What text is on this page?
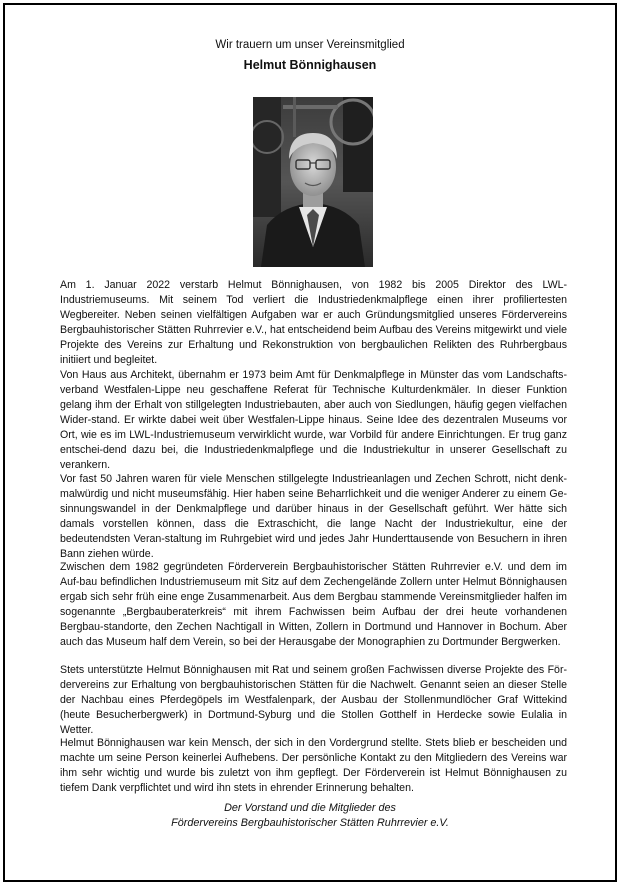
Wir trauern um unser Vereinsmitglied
Helmut Bönnighausen

Am 1. Januar 2022 verstarb Helmut Bönnighausen, von 1982 bis 2005 Direktor des LWL-Industriemuseums. Mit seinem Tod verliert die Industriedenkmalpflege einen ihrer profiliertesten Wegbereiter. Neben seinen vielfältigen Aufgaben war er auch Gründungsmitglied unseres Fördervereins Bergbauhistorischer Stätten Ruhrrevier e.V., hat entscheidend beim Aufbau des Vereins mitgewirkt und viele Projekte des Vereins zur Erhaltung und Rekonstruktion von bergbaulichen Relikten des Ruhrbergbaus initiiert und begleitet.

Von Haus aus Architekt, übernahm er 1973 beim Amt für Denkmalpflege in Münster das vom Landschafts-verband Westfalen-Lippe neu geschaffene Referat für Technische Kulturdenkmäler. In dieser Funktion gelang ihm der Erhalt von stillgelegten Industriebauten, aber auch von Siedlungen, häufig gegen vielfachen Wider-stand. Er wirkte dabei weit über Westfalen-Lippe hinaus. Seine Idee des dezentralen Museums vor Ort, wie es im LWL-Industriemuseum verwirklicht wurde, war Vorbild für andere Einrichtungen. Er trug ganz entschei-dend dazu bei, die Industriedenkmalpflege und die Industriekultur in unserer Gesellschaft zu verankern.

Vor fast 50 Jahren waren für viele Menschen stillgelegte Industrieanlagen und Zechen Schrott, nicht denk-malwürdig und nicht museumsfähig. Hier haben seine Beharrlichkeit und die weniger Anderer zu einem Ge-sinnungswandel in der Denkmalpflege und darüber hinaus in der Gesellschaft geführt. Wer hätte sich damals vorstellen können, dass die Extraschicht, die lange Nacht der Industriekultur, eine der bedeutendsten Veran-staltung im Ruhrgebiet wird und jedes Jahr Hunderttausende von Besuchern in ihren Bann ziehen würde.

Zwischen dem 1982 gegründeten Förderverein Bergbauhistorischer Stätten Ruhrrevier e.V. und dem im Auf-bau befindlichen Industriemuseum mit Sitz auf dem Zechengelände Zollern unter Helmut Bönnighausen ergab sich sehr früh eine enge Zusammenarbeit. Aus dem Bergbau stammende Vereinsmitglieder halfen im sogenannte „Bergbauberaterkreis“ mit ihrem Fachwissen beim Aufbau der drei heute vorhandenen Bergbau-standorte, den Zechen Nachtigall in Witten, Zollern in Dortmund und Hannover in Bochum. Aber auch das Museum half dem Verein, so bei der Herausgabe der Monographien zu Dortmunder Bergwerken.

Stets unterstützte Helmut Bönnighausen mit Rat und seinem großen Fachwissen diverse Projekte des För-dervereins zur Erhaltung von bergbauhistorischen Stätten für die Nachwelt. Genannt seien an dieser Stelle der Nachbau eines Pferdegöpels im Westfalenpark, der Ausbau der Stollenmundlöcher Graf Wittekind (heute Besucherbergwerk) in Dortmund-Syburg und die Stollen Gotthelf in Herdecke sowie Eulalia in Wetter.

Helmut Bönnighausen war kein Mensch, der sich in den Vordergrund stellte. Stets blieb er bescheiden und machte um seine Person keinerlei Aufhebens. Der persönliche Kontakt zu den Mitgliedern des Vereins war ihm sehr wichtig und wurde bis zuletzt von ihm gepflegt. Der Förderverein ist Helmut Bönnighausen zu tiefem Dank verpflichtet und wird ihn stets in ehrender Erinnerung behalten.

Der Vorstand und die Mitglieder des
Fördervereins Bergbauhistorischer Stätten Ruhrrevier e.V.
